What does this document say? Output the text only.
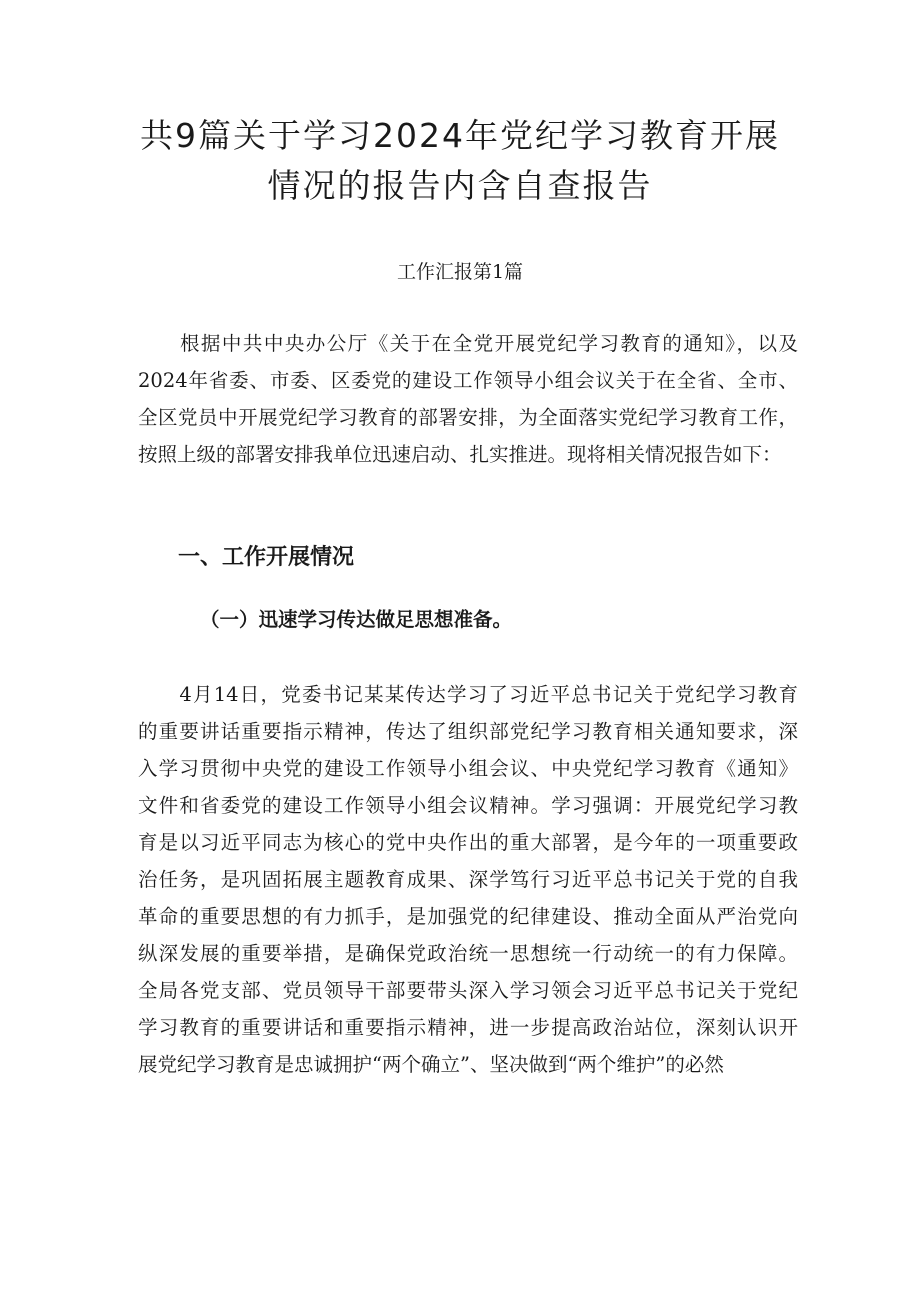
共9篇关于学习2024年党纪学习教育开展
情况的报告内含自查报告
工作汇报第1篇
　　根据中共中央办公厅《关于在全党开展党纪学习教育的通知》，以及
2024年省委、市委、区委党的建设工作领导小组会议关于在全省、全市、
全区党员中开展党纪学习教育的部署安排，为全面落实党纪学习教育工作，
按照上级的部署安排我单位迅速启动、扎实推进。现将相关情况报告如下：
一、工作开展情况
（一）迅速学习传达做足思想准备。
　　4月14日，党委书记某某传达学习了习近平总书记关于党纪学习教育
的重要讲话重要指示精神，传达了组织部党纪学习教育相关通知要求，深
入学习贯彻中央党的建设工作领导小组会议、中央党纪学习教育《通知》
文件和省委党的建设工作领导小组会议精神。学习强调：开展党纪学习教
育是以习近平同志为核心的党中央作出的重大部署，是今年的一项重要政
治任务，是巩固拓展主题教育成果、深学笃行习近平总书记关于党的自我
革命的重要思想的有力抓手，是加强党的纪律建设、推动全面从严治党向
纵深发展的重要举措，是确保党政治统一思想统一行动统一的有力保障。
全局各党支部、党员领导干部要带头深入学习领会习近平总书记关于党纪
学习教育的重要讲话和重要指示精神，进一步提高政治站位，深刻认识开
展党纪学习教育是忠诚拥护“两个确立”、坚决做到“两个维护”的必然
